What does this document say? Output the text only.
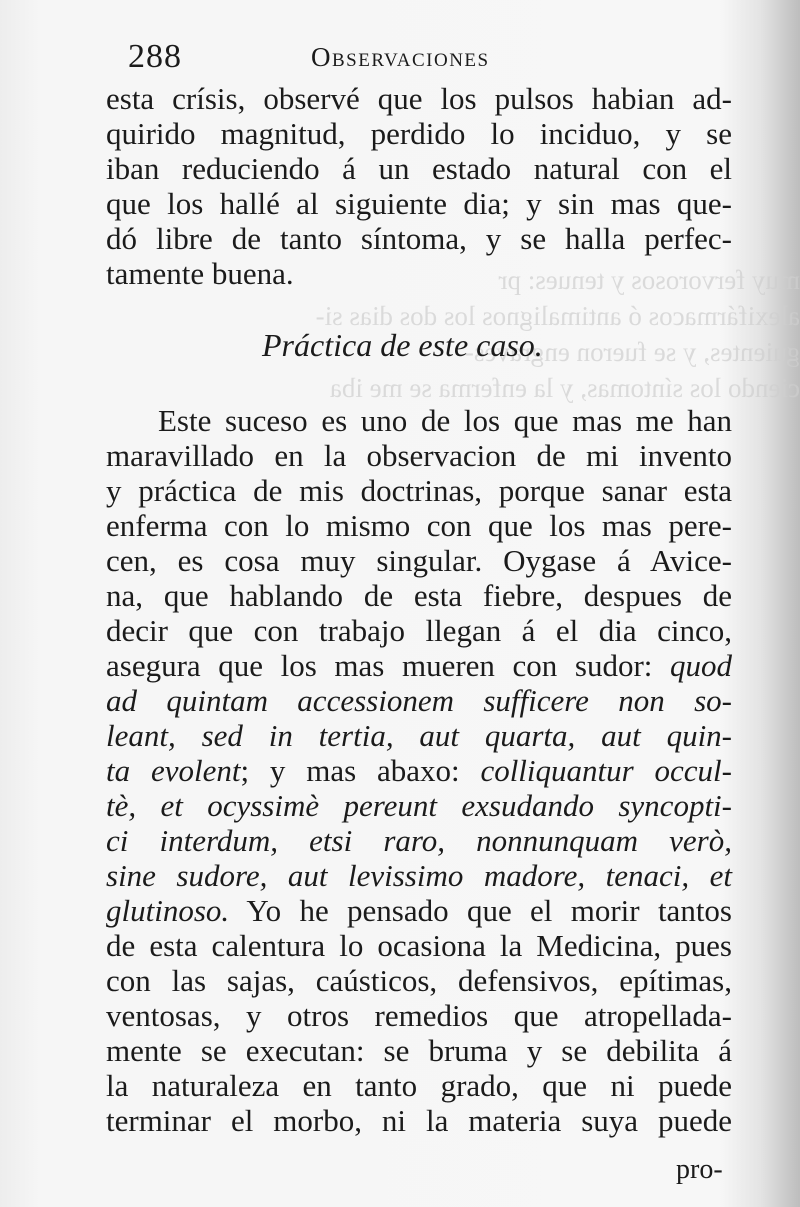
muy fervorosos y tenues: pr
alexifármacos ó antimalignos los dos dias si-
guientes, y se fueron engraves-
ciendo los síntomas, y la enferma se me iba
288	Observaciones
esta crísis, observé que los pulsos habian ad-
quirido magnitud, perdido lo inciduo, y se
iban reduciendo á un estado natural con el
que los hallé al siguiente dia; y sin mas que-
dó libre de tanto síntoma, y se halla perfec-
tamente buena.
Práctica de este caso.
Este suceso es uno de los que mas me han
maravillado en la observacion de mi invento
y práctica de mis doctrinas, porque sanar esta
enferma con lo mismo con que los mas pere-
cen, es cosa muy singular. Oygase á Avice-
na, que hablando de esta fiebre, despues de
decir que con trabajo llegan á el dia cinco,
asegura que los mas mueren con sudor: quod
ad quintam accessionem sufficere non so-
leant, sed in tertia, aut quarta, aut quin-
ta evolent; y mas abaxo: colliquantur occul-
tè, et ocyssimè pereunt exsudando syncopti-
ci interdum, etsi raro, nonnunquam verò,
sine sudore, aut levissimo madore, tenaci, et
glutinoso. Yo he pensado que el morir tantos
de esta calentura lo ocasiona la Medicina, pues
con las sajas, caústicos, defensivos, epítimas,
ventosas, y otros remedios que atropellada-
mente se executan: se bruma y se debilita á
la naturaleza en tanto grado, que ni puede
terminar el morbo, ni la materia suya puede
pro-
